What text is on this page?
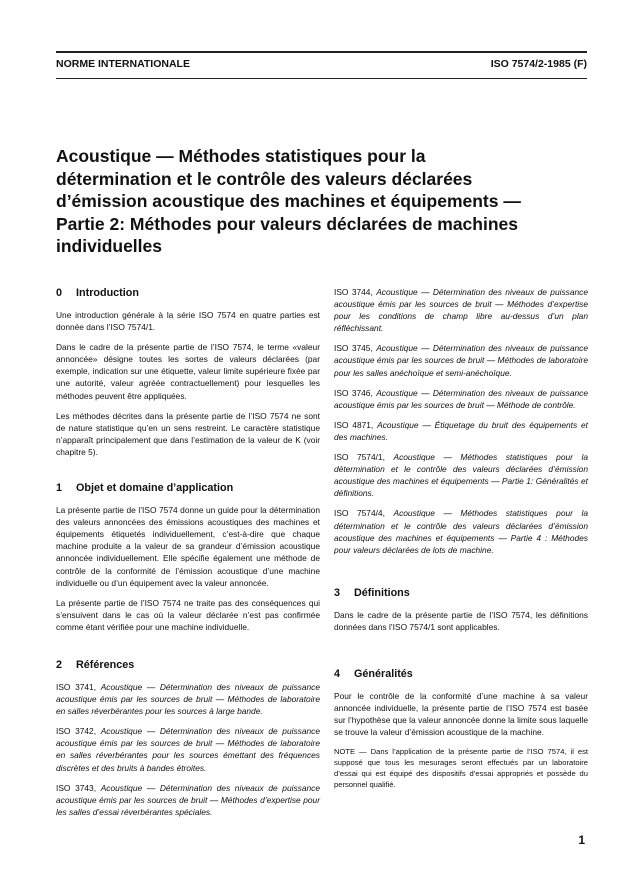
NORME INTERNATIONALE	ISO 7574/2-1985 (F)
Acoustique — Méthodes statistiques pour la
détermination et le contrôle des valeurs déclarées
d’émission acoustique des machines et équipements —
Partie 2: Méthodes pour valeurs déclarées de machines
individuelles
0 Introduction

Une introduction générale à la série ISO 7574 en quatre parties est donnée dans l’ISO 7574/1.

Dans le cadre de la présente partie de l’ISO 7574, le terme «valeur annoncée» désigne toutes les sortes de valeurs déclarées (par exemple, indication sur une étiquette, valeur limite supérieure fixée par une autorité, valeur agréée contractuellement) pour lesquelles les méthodes peuvent être appliquées.

Les méthodes décrites dans la présente partie de l’ISO 7574 ne sont de nature statistique qu’en un sens restreint. Le caractère statistique n’apparaît principalement que dans l’estimation de la valeur de K (voir chapitre 5).

1 Objet et domaine d’application

La présente partie de l’ISO 7574 donne un guide pour la détermination des valeurs annoncées des émissions acoustiques des machines et équipements étiquetés individuellement, c’est-à-dire que chaque machine produite a la valeur de sa grandeur d’émission acoustique annoncée individuellement. Elle spécifie également une méthode de contrôle de la conformité de l’émission acoustique d’une machine individuelle ou d’un équipement avec la valeur annoncée.

La présente partie de l’ISO 7574 ne traite pas des conséquences qui s’ensuivent dans le cas où la valeur déclarée n’est pas confirmée comme étant vérifiée pour une machine individuelle.

2 Références

ISO 3741, Acoustique — Détermination des niveaux de puissance acoustique émis par les sources de bruit — Méthodes de laboratoire en salles réverbérantes pour les sources à large bande.

ISO 3742, Acoustique — Détermination des niveaux de puissance acoustique émis par les sources de bruit — Méthodes de laboratoire en salles réverbérantes pour les sources émettant des fréquences discrètes et des bruits à bandes étroites.

ISO 3743, Acoustique — Détermination des niveaux de puissance acoustique émis par les sources de bruit — Méthodes d’expertise pour les salles d’essai réverbérantes spéciales.

ISO 3744, Acoustique — Détermination des niveaux de puissance acoustique émis par les sources de bruit — Méthodes d’expertise pour les conditions de champ libre au-dessus d’un plan réfléchissant.

ISO 3745, Acoustique — Détermination des niveaux de puissance acoustique émis par les sources de bruit — Méthodes de laboratoire pour les salles anéchoïque et semi-anéchoïque.

ISO 3746, Acoustique — Détermination des niveaux de puissance acoustique émis par les sources de bruit — Méthode de contrôle.

ISO 4871, Acoustique — Étiquetage du bruit des équipements et des machines.

ISO 7574/1, Acoustique — Méthodes statistiques pour la détermination et le contrôle des valeurs déclarées d’émission acoustique des machines et équipements — Partie 1: Généralités et définitions.

ISO 7574/4, Acoustique — Méthodes statistiques pour la détermination et le contrôle des valeurs déclarées d’émission acoustique des machines et équipements — Partie 4 : Méthodes pour valeurs déclarées de lots de machine.

3 Définitions

Dans le cadre de la présente partie de l’ISO 7574, les définitions données dans l’ISO 7574/1 sont applicables.

4 Généralités

Pour le contrôle de la conformité d’une machine à sa valeur annoncée individuelle, la présente partie de l’ISO 7574 est basée sur l’hypothèse que la valeur annoncée donne la limite sous laquelle se trouve la valeur d’émission acoustique de la machine.

NOTE — Dans l’application de la présente partie de l’ISO 7574, il est supposé que tous les mesurages seront effectués par un laboratoire d’essai qui est équipé des dispositifs d’essai appropriés et possède du personnel qualifié.

1
